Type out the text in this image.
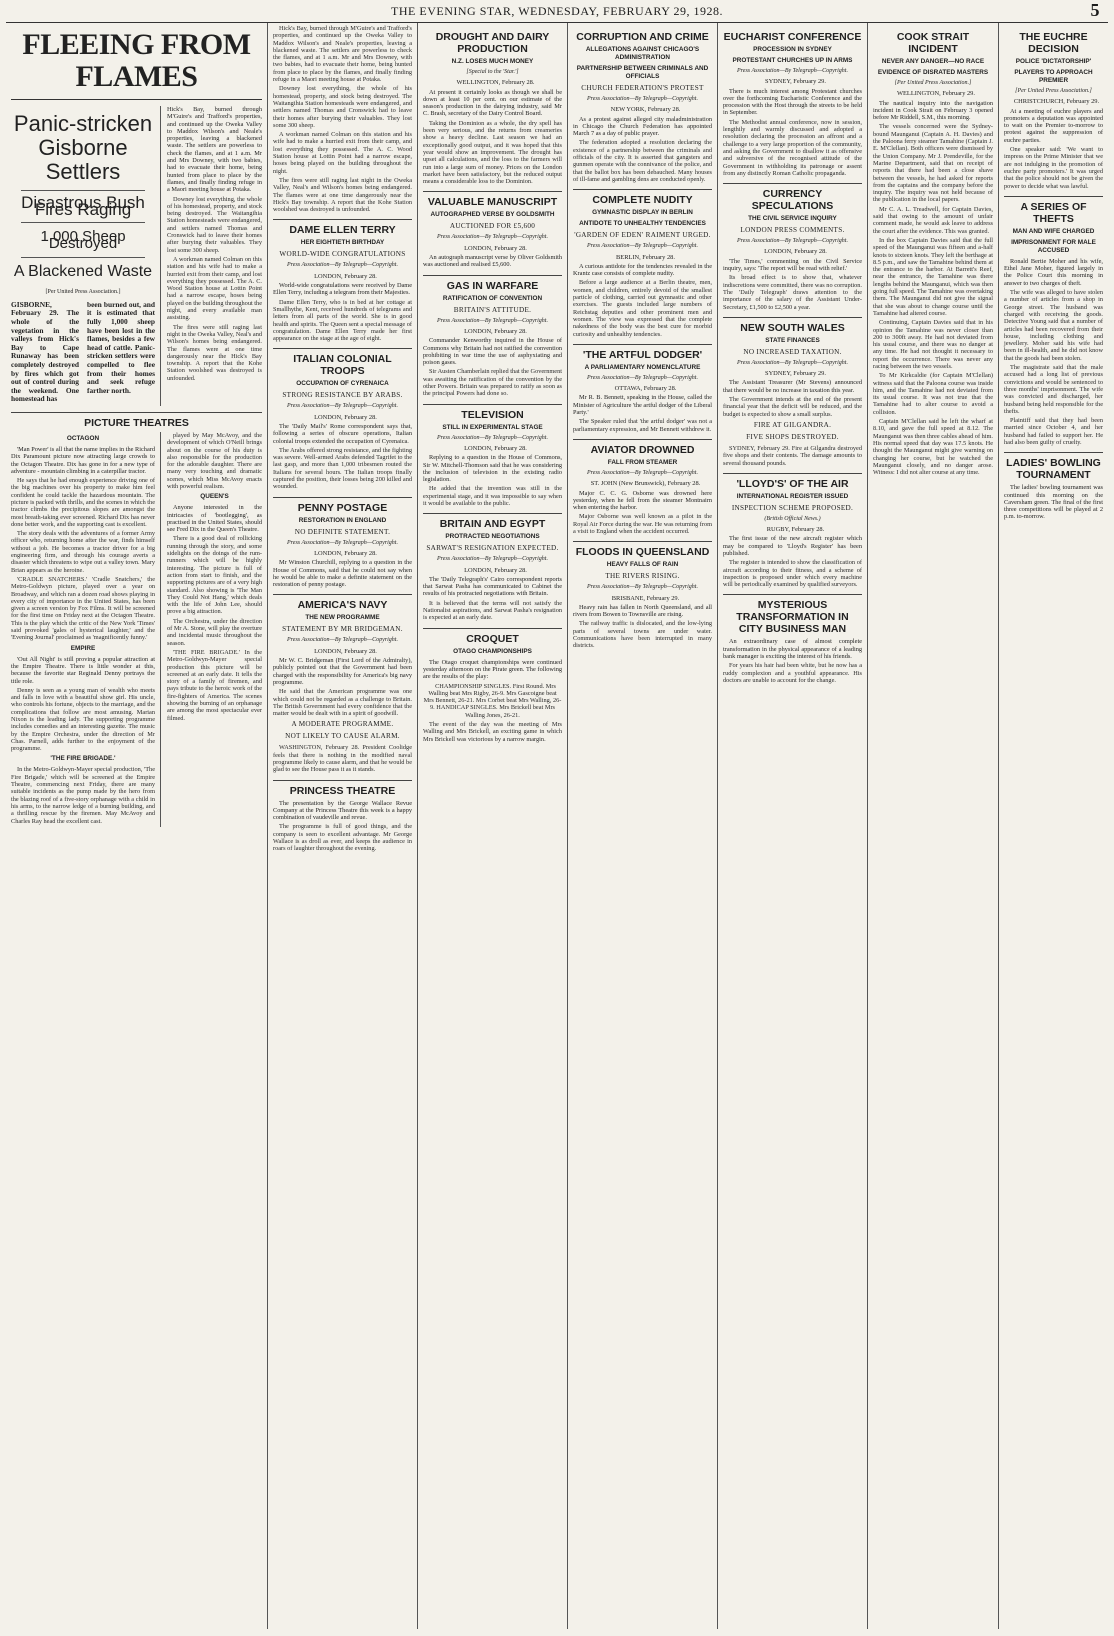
THE EVENING STAR, WEDNESDAY, FEBRUARY 29, 1928.	5
FLEEING FROM FLAMES
Panic-stricken Gisborne Settlers
Disastrous Bush Fires Raging
1,000 Sheep Destroyed
A Blackened Waste
[Per United Press Association.]

GISBORNE, February 29. The whole of the vegetation in the valleys from Hick's Bay to Cape Runaway has been completely destroyed by fires which got out of control during the weekend. One homestead has

been burned out, and it is estimated that fully 1,000 sheep have been lost in the flames, besides a few head of cattle. Panic-stricken settlers were compelled to flee from their homes and seek refuge farther north.

Hick's Bay, burned through M'Guire's and Trafford's properties, and continued up the Oweka Valley to Maddox Wilson's and Neale's properties, leaving a blackened waste. The settlers are powerless to check the flames, and at 1 a.m. Mr and Mrs Downey, with two babies, had to evacuate their home, being hunted from place to place by the flames, and finally finding refuge in a Maori meeting house at Potaka.

Downey lost everything, the whole of his homestead, property, and stock being destroyed. The Waitangihia Station homesteads were endangered, and settlers named Thomas and Cronswick had to leave their homes after burying their valuables. They lost some 300 sheep.

A workman named Colman on this station and his wife had to make a hurried exit from their camp, and lost everything they possessed. The A. C. Wood Station house at Lottin Point had a narrow escape, hoses being played on the building throughout the night, and every available man assisting.

The fires were still raging last night in the Oweka Valley, Neal's and Wilson's homes being endangered. The flames were at one time dangerously near the Hick's Bay township. A report that the Kohe Station woolshed was destroyed is unfounded.

PICTURE THEATRES
OCTAGON

'Man Power' is all that the name implies in the Richard Dix Paramount picture now attracting large crowds to the Octagon Theatre. Dix has gone in for a new type of adventure - mountain climbing in a caterpillar tractor.

He says that he had enough experience driving one of the big machines over his property to make him feel confident he could tackle the hazardous mountain. The picture is packed with thrills, and the scenes in which the tractor climbs the precipitous slopes are amongst the most breath-taking ever screened. Richard Dix has never done better work, and the supporting cast is excellent.

The story deals with the adventures of a former Army officer who, returning home after the war, finds himself without a job. He becomes a tractor driver for a big engineering firm, and through his courage averts a disaster which threatens to wipe out a valley town. Mary Brian appears as the heroine.

'CRADLE SNATCHERS.' 'Cradle Snatchers,' the Metro-Goldwyn picture, played over a year on Broadway, and which ran a dozen road shows playing in every city of importance in the United States, has been given a screen version by Fox Films. It will be screened for the first time on Friday next at the Octagon Theatre. This is the play which the critic of the New York 'Times' said provoked 'gales of hysterical laughter,' and the 'Evening Journal' proclaimed as 'magnificently funny.'

EMPIRE

'Out All Night' is still proving a popular attraction at the Empire Theatre. There is little wonder at this, because the favorite star Reginald Denny portrays the title role.

Denny is seen as a young man of wealth who meets and falls in love with a beautiful show girl. His uncle, who controls his fortune, objects to the marriage, and the complications that follow are most amusing. Marian Nixon is the leading lady. The supporting programme includes comedies and an interesting gazette. The music by the Empire Orchestra, under the direction of Mr Chas. Parnell, adds further to the enjoyment of the programme.

'THE FIRE BRIGADE.'

In the Metro-Goldwyn-Mayer special production, 'The Fire Brigade,' which will be screened at the Empire Theatre, commencing next Friday, there are many suitable incidents as the pump made by the hero from the blazing roof of a five-story orphanage with a child in his arms, to the narrow ledge of a burning building, and a thrilling rescue by the firemen. May McAvoy and Charles Ray head the excellent cast.

played by May McAvoy, and the development of which O'Neill brings about on the course of his duty is also responsible for the production for the adorable daughter. There are many very touching and dramatic scenes, which Miss McAvoy enacts with powerful realism.

QUEEN'S

Anyone interested in the intricacies of 'bootlegging', as practised in the United States, should see Fred Dix in the Queen's Theatre.

There is a good deal of rollicking running through the story, and some sidelights on the doings of the rum-runners which will be highly interesting. The picture is full of action from start to finish, and the supporting pictures are of a very high standard. Also showing is 'The Man They Could Not Hang,' which deals with the life of John Lee, should prove a big attraction.

The Orchestra, under the direction of Mr A. Stone, will play the overture and incidental music throughout the season.

'THE FIRE BRIGADE.' In the Metro-Goldwyn-Mayer special production this picture will be screened at an early date. It tells the story of a family of firemen, and pays tribute to the heroic work of the fire-fighters of America. The scenes showing the burning of an orphanage are among the most spectacular ever filmed.

Hick's Bay, burned through M'Guire's and Trafford's properties, and continued up the Oweka Valley to Maddox Wilson's and Neale's properties, leaving a blackened waste. The settlers are powerless to check the flames, and at 1 a.m. Mr and Mrs Downey, with two babies, had to evacuate their home, being hunted from place to place by the flames, and finally finding refuge in a Maori meeting house at Potaka.

Downey lost everything, the whole of his homestead, property, and stock being destroyed. The Waitangihia Station homesteads were endangered, and settlers named Thomas and Cronswick had to leave their homes after burying their valuables. They lost some 300 sheep.

A workman named Colman on this station and his wife had to make a hurried exit from their camp, and lost everything they possessed. The A. C. Wood Station house at Lottin Point had a narrow escape, hoses being played on the building throughout the night.

The fires were still raging last night in the Oweka Valley, Neal's and Wilson's homes being endangered. The flames were at one time dangerously near the Hick's Bay township. A report that the Kohe Station woolshed was destroyed is unfounded.

DAME ELLEN TERRY
HER EIGHTIETH BIRTHDAY
WORLD-WIDE CONGRATULATIONS
Press Association—By Telegraph—Copyright.

LONDON, February 28.

World-wide congratulations were received by Dame Ellen Terry, including a telegram from their Majesties.

Dame Ellen Terry, who is in bed at her cottage at Smallhythe, Kent, received hundreds of telegrams and letters from all parts of the world. She is in good health and spirits. The Queen sent a special message of congratulation. Dame Ellen Terry made her first appearance on the stage at the age of eight.

ITALIAN COLONIAL TROOPS
OCCUPATION OF CYRENAICA
STRONG RESISTANCE BY ARABS.
Press Association—By Telegraph—Copyright.

LONDON, February 28.

The 'Daily Mail's' Rome correspondent says that, following a series of obscure operations, Italian colonial troops extended the occupation of Cyrenaica.

The Arabs offered strong resistance, and the fighting was severe. Well-armed Arabs defended Tagrifet to the last gasp, and more than 1,000 tribesmen routed the Italians for several hours. The Italian troops finally captured the position, their losses being 200 killed and wounded.

PENNY POSTAGE
RESTORATION IN ENGLAND
NO DEFINITE STATEMENT.
Press Association—By Telegraph—Copyright.

LONDON, February 28.

Mr Winston Churchill, replying to a question in the House of Commons, said that he could not say when he would be able to make a definite statement on the restoration of penny postage.

AMERICA'S NAVY
THE NEW PROGRAMME
STATEMENT BY MR BRIDGEMAN.
Press Association—By Telegraph—Copyright.

LONDON, February 28.

Mr W. C. Bridgeman (First Lord of the Admiralty), publicly pointed out that the Government had been charged with the responsibility for America's big navy programme.

He said that the American programme was one which could not be regarded as a challenge to Britain. The British Government had every confidence that the matter would be dealt with in a spirit of goodwill.

A MODERATE PROGRAMME.
NOT LIKELY TO CAUSE ALARM.

WASHINGTON, February 28. President Coolidge feels that there is nothing in the modified naval programme likely to cause alarm, and that he would be glad to see the House pass it as it stands.

PRINCESS THEATRE

The presentation by the George Wallace Revue Company at the Princess Theatre this week is a happy combination of vaudeville and revue.

The programme is full of good things, and the company is seen to excellent advantage. Mr George Wallace is as droll as ever, and keeps the audience in roars of laughter throughout the evening.

DROUGHT AND DAIRY PRODUCTION
N.Z. LOSES MUCH MONEY
[Special to the 'Star.']

WELLINGTON, February 28.

At present it certainly looks as though we shall be down at least 10 per cent. on our estimate of the season's production in the dairying industry, said Mr C. Brash, secretary of the Dairy Control Board.

Taking the Dominion as a whole, the dry spell has been very serious, and the returns from creameries show a heavy decline. Last season we had an exceptionally good output, and it was hoped that this year would show an improvement. The drought has upset all calculations, and the loss to the farmers will run into a large sum of money. Prices on the London market have been satisfactory, but the reduced output means a considerable loss to the Dominion.

VALUABLE MANUSCRIPT
AUTOGRAPHED VERSE BY GOLDSMITH
AUCTIONED FOR £5,600
Press Association—By Telegraph—Copyright.

LONDON, February 28.

An autograph manuscript verse by Oliver Goldsmith was auctioned and realised £5,600.

GAS IN WARFARE
RATIFICATION OF CONVENTION
BRITAIN'S ATTITUDE.
Press Association—By Telegraph—Copyright.

LONDON, February 28.

Commander Kenworthy inquired in the House of Commons why Britain had not ratified the convention prohibiting in war time the use of asphyxiating and poison gases.

Sir Austen Chamberlain replied that the Government was awaiting the ratification of the convention by the other Powers. Britain was prepared to ratify as soon as the principal Powers had done so.

TELEVISION
STILL IN EXPERIMENTAL STAGE
Press Association—By Telegraph—Copyright.

LONDON, February 28.

Replying to a question in the House of Commons, Sir W. Mitchell-Thomson said that he was considering the inclusion of television in the existing radio legislation.

He added that the invention was still in the experimental stage, and it was impossible to say when it would be available to the public.

BRITAIN AND EGYPT
PROTRACTED NEGOTIATIONS
SARWAT'S RESIGNATION EXPECTED.
Press Association—By Telegraph—Copyright.

LONDON, February 28.

The 'Daily Telegraph's' Cairo correspondent reports that Sarwat Pasha has communicated to Cabinet the results of his protracted negotiations with Britain.

It is believed that the terms will not satisfy the Nationalist aspirations, and Sarwat Pasha's resignation is expected at an early date.

CROQUET
OTAGO CHAMPIONSHIPS

The Otago croquet championships were continued yesterday afternoon on the Pirate green. The following are the results of the play:

CHAMPIONSHIP SINGLES. First Round. Mrs Walling beat Mrs Rigby, 26-9. Mrs Gascoigne beat Mrs Bennett, 26-21. Mrs Corbet beat Mrs Walling, 26-9. HANDICAP SINGLES. Mrs Brickell beat Mrs Walling Jones, 26-21.

The event of the day was the meeting of Mrs Walling and Mrs Brickell, an exciting game in which Mrs Brickell was victorious by a narrow margin.

CORRUPTION AND CRIME
ALLEGATIONS AGAINST CHICAGO'S ADMINISTRATION
PARTNERSHIP BETWEEN CRIMINALS AND OFFICIALS
CHURCH FEDERATION'S PROTEST
Press Association—By Telegraph—Copyright.

NEW YORK, February 28.

As a protest against alleged city maladministration in Chicago the Church Federation has appointed March 7 as a day of public prayer.

The federation adopted a resolution declaring the existence of a partnership between the criminals and officials of the city. It is asserted that gangsters and gunmen operate with the connivance of the police, and that the ballot box has been debauched. Many houses of ill-fame and gambling dens are conducted openly.

COMPLETE NUDITY
GYMNASTIC DISPLAY IN BERLIN
ANTIDOTE TO UNHEALTHY TENDENCIES
'GARDEN OF EDEN' RAIMENT URGED.
Press Association—By Telegraph—Copyright.

BERLIN, February 28.

A curious antidote for the tendencies revealed in the Krantz case consists of complete nudity.

Before a large audience at a Berlin theatre, men, women, and children, entirely devoid of the smallest particle of clothing, carried out gymnastic and other exercises. The guests included large numbers of Reichstag deputies and other prominent men and women. The view was expressed that the complete nakedness of the body was the best cure for morbid curiosity and unhealthy tendencies.

'THE ARTFUL DODGER'
A PARLIAMENTARY NOMENCLATURE
Press Association—By Telegraph—Copyright.

OTTAWA, February 28.

Mr R. B. Bennett, speaking in the House, called the Minister of Agriculture 'the artful dodger of the Liberal Party.'

The Speaker ruled that 'the artful dodger' was not a parliamentary expression, and Mr Bennett withdrew it.

AVIATOR DROWNED
FALL FROM STEAMER
Press Association—By Telegraph—Copyright.

ST. JOHN (New Brunswick), February 28.

Major C. C. G. Osborne was drowned here yesterday, when he fell from the steamer Montnairn when entering the harbor.

Major Osborne was well known as a pilot in the Royal Air Force during the war. He was returning from a visit to England when the accident occurred.

FLOODS IN QUEENSLAND
HEAVY FALLS OF RAIN
THE RIVERS RISING.
Press Association—By Telegraph—Copyright.

BRISBANE, February 29.

Heavy rain has fallen in North Queensland, and all rivers from Bowen to Townsville are rising.

The railway traffic is dislocated, and the low-lying parts of several towns are under water. Communications have been interrupted in many districts.

EUCHARIST CONFERENCE
PROCESSION IN SYDNEY
PROTESTANT CHURCHES UP IN ARMS
Press Association—By Telegraph—Copyright.

SYDNEY, February 29.

There is much interest among Protestant churches over the forthcoming Eucharistic Conference and the procession with the Host through the streets to be held in September.

The Methodist annual conference, now in session, lengthily and warmly discussed and adopted a resolution declaring the procession an affront and a challenge to a very large proportion of the community, and asking the Government to disallow it as offensive and subversive of the recognised attitude of the Government in withholding its patronage or assent from any distinctly Roman Catholic propaganda.

CURRENCY SPECULATIONS
THE CIVIL SERVICE INQUIRY
LONDON PRESS COMMENTS.
Press Association—By Telegraph—Copyright.

LONDON, February 28.

'The Times,' commenting on the Civil Service inquiry, says: 'The report will be read with relief.'

Its broad effect is to show that, whatever indiscretions were committed, there was no corruption. The 'Daily Telegraph' draws attention to the importance of the salary of the Assistant Under-Secretary, £1,500 to £2,500 a year.

NEW SOUTH WALES
STATE FINANCES
NO INCREASED TAXATION.
Press Association—By Telegraph—Copyright.

SYDNEY, February 29.

The Assistant Treasurer (Mr Stevens) announced that there would be no increase in taxation this year.

The Government intends at the end of the present financial year that the deficit will be reduced, and the budget is expected to show a small surplus.

FIRE AT GILGANDRA.
FIVE SHOPS DESTROYED.

SYDNEY, February 29. Fire at Gilgandra destroyed five shops and their contents. The damage amounts to several thousand pounds.

'LLOYD'S' OF THE AIR
INTERNATIONAL REGISTER ISSUED
INSPECTION SCHEME PROPOSED.
(British Official News.)

RUGBY, February 28.

The first issue of the new aircraft register which may be compared to 'Lloyd's Register' has been published.

The register is intended to show the classification of aircraft according to their fitness, and a scheme of inspection is proposed under which every machine will be periodically examined by qualified surveyors.

MYSTERIOUS TRANSFORMATION IN CITY BUSINESS MAN

An extraordinary case of almost complete transformation in the physical appearance of a leading bank manager is exciting the interest of his friends.

For years his hair had been white, but he now has a ruddy complexion and a youthful appearance. His doctors are unable to account for the change.

COOK STRAIT INCIDENT
NEVER ANY DANGER—NO RACE
EVIDENCE OF DISRATED MASTERS
[Per United Press Association.]

WELLINGTON, February 29.

The nautical inquiry into the navigation incident in Cook Strait on February 3 opened before Mr Riddell, S.M., this morning.

The vessels concerned were the Sydney-bound Maunganui (Captain A. H. Davies) and the Paloona ferry steamer Tamahine (Captain J. E. M'Clellan). Both officers were dismissed by the Union Company. Mr J. Prendeville, for the Marine Department, said that on receipt of reports that there had been a close shave between the vessels, he had asked for reports from the captains and the company before the inquiry. The inquiry was not held because of the publication in the local papers.

Mr C. A. L. Treadwell, for Captain Davies, said that owing to the amount of unfair comment made, he would ask leave to address the court after the evidence. This was granted.

In the box Captain Davies said that the full speed of the Maunganui was fifteen and a-half knots to sixteen knots. They left the berthage at 8.5 p.m., and saw the Tamahine behind them at the entrance to the harbor. At Barrett's Reef, near the entrance, the Tamahine was there lengths behind the Maunganui, which was then going full speed. The Tamahine was overtaking them. The Maunganui did not give the signal that she was about to change course until the Tamahine had altered course.

Continuing, Captain Davies said that in his opinion the Tamahine was never closer than 200 to 300ft away. He had not deviated from his usual course, and there was no danger at any time. He had not thought it necessary to report the occurrence. There was never any racing between the two vessels.

To Mr Kirkcaldie (for Captain M'Clellan) witness said that the Paloona course was inside him, and the Tamahine had not deviated from its usual course. It was not true that the Tamahine had to alter course to avoid a collision.

Captain M'Clellan said he left the wharf at 8.10, and gave the full speed at 8.12. The Maunganui was then three cables ahead of him. His normal speed that day was 17.5 knots. He thought the Maunganui might give warning on changing her course, but he watched the Maunganui closely, and no danger arose. Witness: I did not alter course at any time.

THE EUCHRE DECISION
POLICE 'DICTATORSHIP'
PLAYERS TO APPROACH PREMIER
[Per United Press Association.]

CHRISTCHURCH, February 29.

At a meeting of euchre players and promoters a deputation was appointed to wait on the Premier to-morrow to protest against the suppression of euchre parties.

One speaker said: 'We want to impress on the Prime Minister that we are not indulging in the promotion of euchre party promoters.' It was urged that the police should not be given the power to decide what was lawful.

A SERIES OF THEFTS
MAN AND WIFE CHARGED
IMPRISONMENT FOR MALE ACCUSED

Ronald Bertie Moher and his wife, Ethel Jane Moher, figured largely in the Police Court this morning in answer to two charges of theft.

The wife was alleged to have stolen a number of articles from a shop in George street. The husband was charged with receiving the goods. Detective Young said that a number of articles had been recovered from their house, including clothing and jewellery. Moher said his wife had been in ill-health, and he did not know that the goods had been stolen.

The magistrate said that the male accused had a long list of previous convictions and would be sentenced to three months' imprisonment. The wife was convicted and discharged, her husband being held responsible for the thefts.

Plaintiff said that they had been married since October 4, and her husband had failed to support her. He had also been guilty of cruelty.

LADIES' BOWLING TOURNAMENT

The ladies' bowling tournament was continued this morning on the Caversham green. The final of the first three competitions will be played at 2 p.m. to-morrow.
